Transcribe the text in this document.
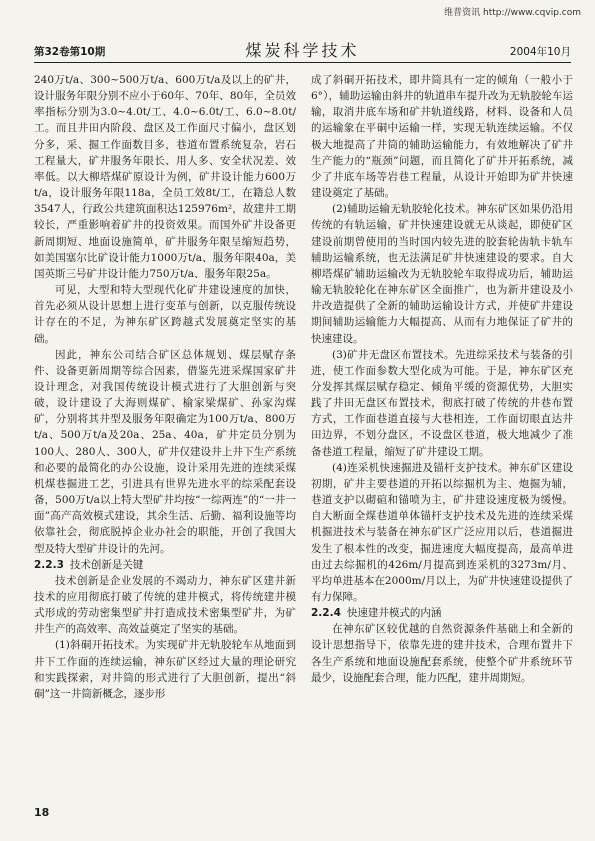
维普资讯 http://www.cqvip.com
第32卷第10期	煤炭科学技术	2004年10月

240万t/a、300~500万t/a、600万t/a及以上的矿井，设计服务年限分别不应小于60年、70年、80年，全员效率指标分别为3.0~4.0t/工、4.0~6.0t/工、6.0~8.0t/工。而且井田内阶段、盘区及工作面尺寸偏小，盘区划分多，采、掘工作面数目多，巷道布置系统复杂，岩石工程量大，矿井服务年限长、用人多、安全状况差、效率低。以大柳塔煤矿原设计为例，矿井设计能力600万t/a，设计服务年限118a，全员工效8t/工，在籍总人数3547人，行政公共建筑面积达125976m²，故建井工期较长，严重影响着矿井的投资效果。而国外矿井设备更新周期短、地面设施简单，矿井服务年限呈缩短趋势，如美国塞尔比矿设计能力1000万t/a、服务年限40a，美国英斯三号矿井设计能力750万t/a、服务年限25a。

可见，大型和特大型现代化矿井建设速度的加快，首先必须从设计思想上进行变革与创新，以克服传统设计存在的不足，为神东矿区跨越式发展奠定坚实的基础。

因此，神东公司结合矿区总体规划、煤层赋存条件、设备更新周期等综合因素，借鉴先进采煤国家矿井设计理念，对我国传统设计模式进行了大胆创新与突破，设计建设了大海则煤矿、榆家梁煤矿、孙家沟煤矿，分别将其井型及服务年限确定为100万t/a、800万t/a、500万t/a及20a、25a、40a，矿井定员分别为100人、280人、300人，矿井仅建设井上井下生产系统和必要的最简化的办公设施，设计采用先进的连续采煤机煤巷掘进工艺，引进具有世界先进水平的综采配套设备，500万t/a以上特大型矿井均按“一综两连”的“一井一面”高产高效模式建设，其余生活、后勤、福利设施等均依靠社会，彻底脱掉企业办社会的职能，开创了我国大型及特大型矿井设计的先河。

2.2.3 技术创新是关键

技术创新是企业发展的不竭动力，神东矿区建井新技术的应用彻底打破了传统的建井模式，将传统建井模式形成的劳动密集型矿井打造成技术密集型矿井，为矿井生产的高效率、高效益奠定了坚实的基础。

(1)斜硐开拓技术。为实现矿井无轨胶轮车从地面到井下工作面的连续运输，神东矿区经过大量的理论研究和实践探索，对井筒的形式进行了大胆创新，提出“斜硐”这一井筒新概念，逐步形

成了斜硐开拓技术，即井筒具有一定的倾角（一般小于6°），辅助运输由斜井的轨道串车提升改为无轨胶轮车运输，取消井底车场和矿井轨道线路，材料、设备和人员的运输象在平硐中运输一样，实现无轨连续运输。不仅极大地提高了井筒的辅助运输能力，有效地解决了矿井生产能力的“瓶颈”问题，而且简化了矿井开拓系统，减少了井底车场等岩巷工程量，从设计开始即为矿井快速建设奠定了基础。

(2)辅助运输无轨胶轮化技术。神东矿区如果仍沿用传统的有轨运输，矿井快速建设就无从谈起，即使矿区建设前期曾使用的当时国内较先进的胶套轮齿轨卡轨车辅助运输系统，也无法满足矿井快速建设的要求。自大柳塔煤矿辅助运输改为无轨胶轮车取得成功后，辅助运输无轨胶轮化在神东矿区全面推广，也为新井建设及小井改造提供了全新的辅助运输设计方式，并使矿井建设期间辅助运输能力大幅提高、从而有力地保证了矿井的快速建设。

(3)矿井无盘区布置技术。先进综采技术与装备的引进，使工作面参数大型化成为可能。于是，神东矿区充分发挥其煤层赋存稳定、倾角平缓的资源优势，大胆实践了井田无盘区布置技术，彻底打破了传统的井巷布置方式，工作面巷道直接与大巷相连，工作面切眼直达井田边界，不划分盘区，不设盘区巷道，极大地减少了准备巷道工程量，缩短了矿井建设工期。

(4)连采机快速掘进及锚杆支护技术。神东矿区建设初期，矿井主要巷道的开拓以综掘机为主、炮掘为辅，巷道支护以砌碹和锚喷为主，矿井建设速度极为缓慢。自大断面全煤巷道单体锚杆支护技术及先进的连续采煤机掘进技术与装备在神东矿区广泛应用以后，巷道掘进发生了根本性的改变，掘进速度大幅度提高，最高单进由过去综掘机的426m/月提高到连采机的3273m/月、平均单进基本在2000m/月以上，为矿井快速建设提供了有力保障。

2.2.4 快速建井模式的内涵

在神东矿区较优越的自然资源条件基础上和全新的设计思想指导下，依靠先进的建井技术，合理布置井下各生产系统和地面设施配套系统，使整个矿井系统环节最少，设施配套合理，能力匹配，建井周期短。

18
